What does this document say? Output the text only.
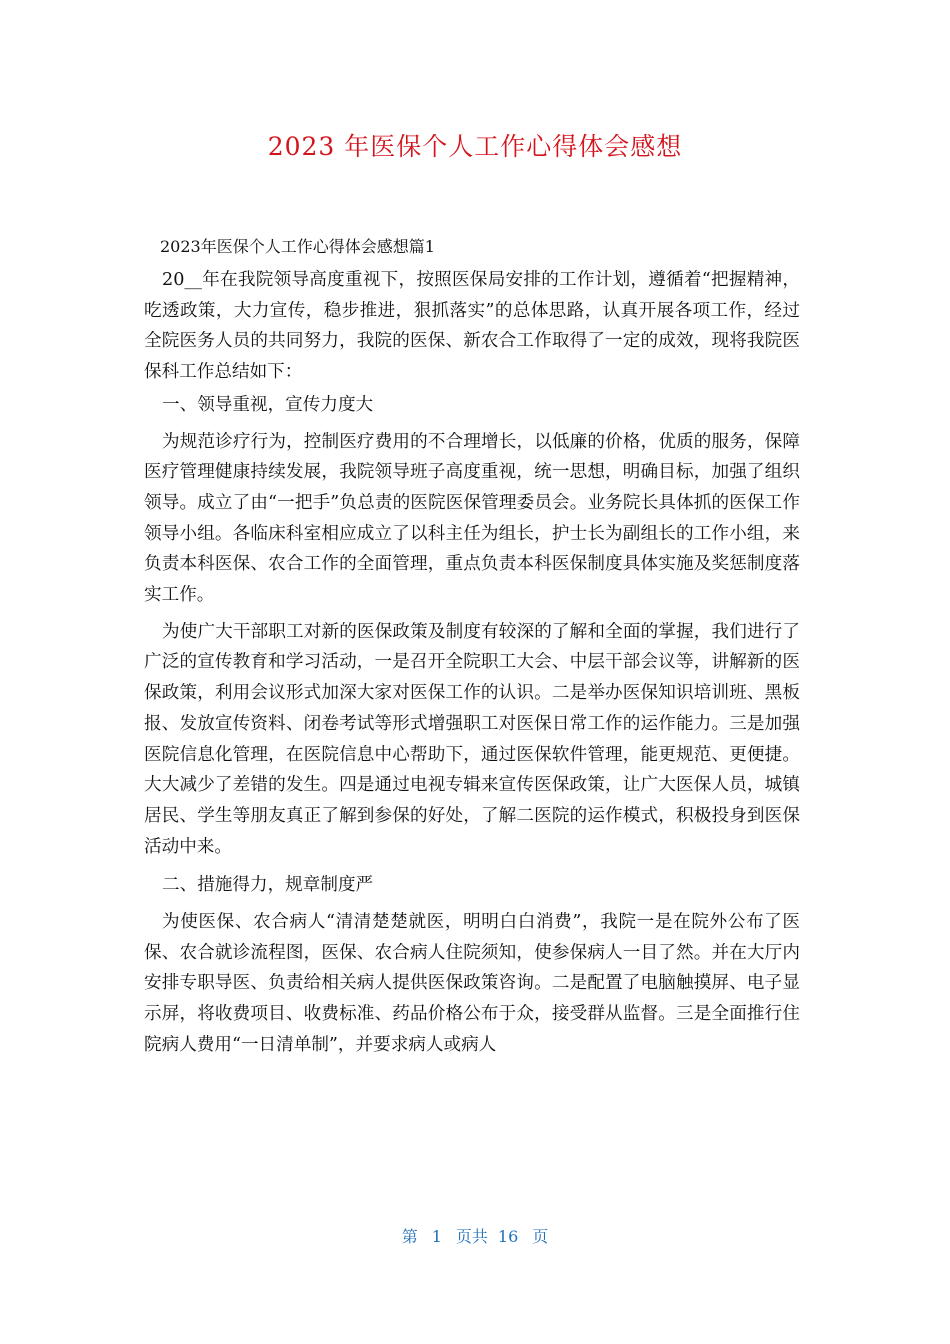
2023 年医保个人工作心得体会感想

2023年医保个人工作心得体会感想篇1

20__年在我院领导高度重视下，按照医保局安排的工作计划，遵循着“把握精神，吃透政策，大力宣传，稳步推进，狠抓落实”的总体思路，认真开展各项工作，经过全院医务人员的共同努力，我院的医保、新农合工作取得了一定的成效，现将我院医保科工作总结如下：

一、领导重视，宣传力度大

为规范诊疗行为，控制医疗费用的不合理增长，以低廉的价格，优质的服务，保障医疗管理健康持续发展，我院领导班子高度重视，统一思想，明确目标，加强了组织领导。成立了由“一把手”负总责的医院医保管理委员会。业务院长具体抓的医保工作领导小组。各临床科室相应成立了以科主任为组长，护士长为副组长的工作小组，来负责本科医保、农合工作的全面管理，重点负责本科医保制度具体实施及奖惩制度落实工作。

为使广大干部职工对新的医保政策及制度有较深的了解和全面的掌握，我们进行了广泛的宣传教育和学习活动，一是召开全院职工大会、中层干部会议等，讲解新的医保政策，利用会议形式加深大家对医保工作的认识。二是举办医保知识培训班、黑板报、发放宣传资料、闭卷考试等形式增强职工对医保日常工作的运作能力。三是加强医院信息化管理，在医院信息中心帮助下，通过医保软件管理，能更规范、更便捷。大大减少了差错的发生。四是通过电视专辑来宣传医保政策，让广大医保人员，城镇居民、学生等朋友真正了解到参保的好处，了解二医院的运作模式，积极投身到医保活动中来。

二、措施得力，规章制度严

为使医保、农合病人“清清楚楚就医，明明白白消费”，我院一是在院外公布了医保、农合就诊流程图，医保、农合病人住院须知，使参保病人一目了然。并在大厅内安排专职导医、负责给相关病人提供医保政策咨询。二是配置了电脑触摸屏、电子显示屏，将收费项目、收费标准、药品价格公布于众，接受群从监督。三是全面推行住院病人费用“一日清单制”，并要求病人或病人

第 1 页共 16 页
